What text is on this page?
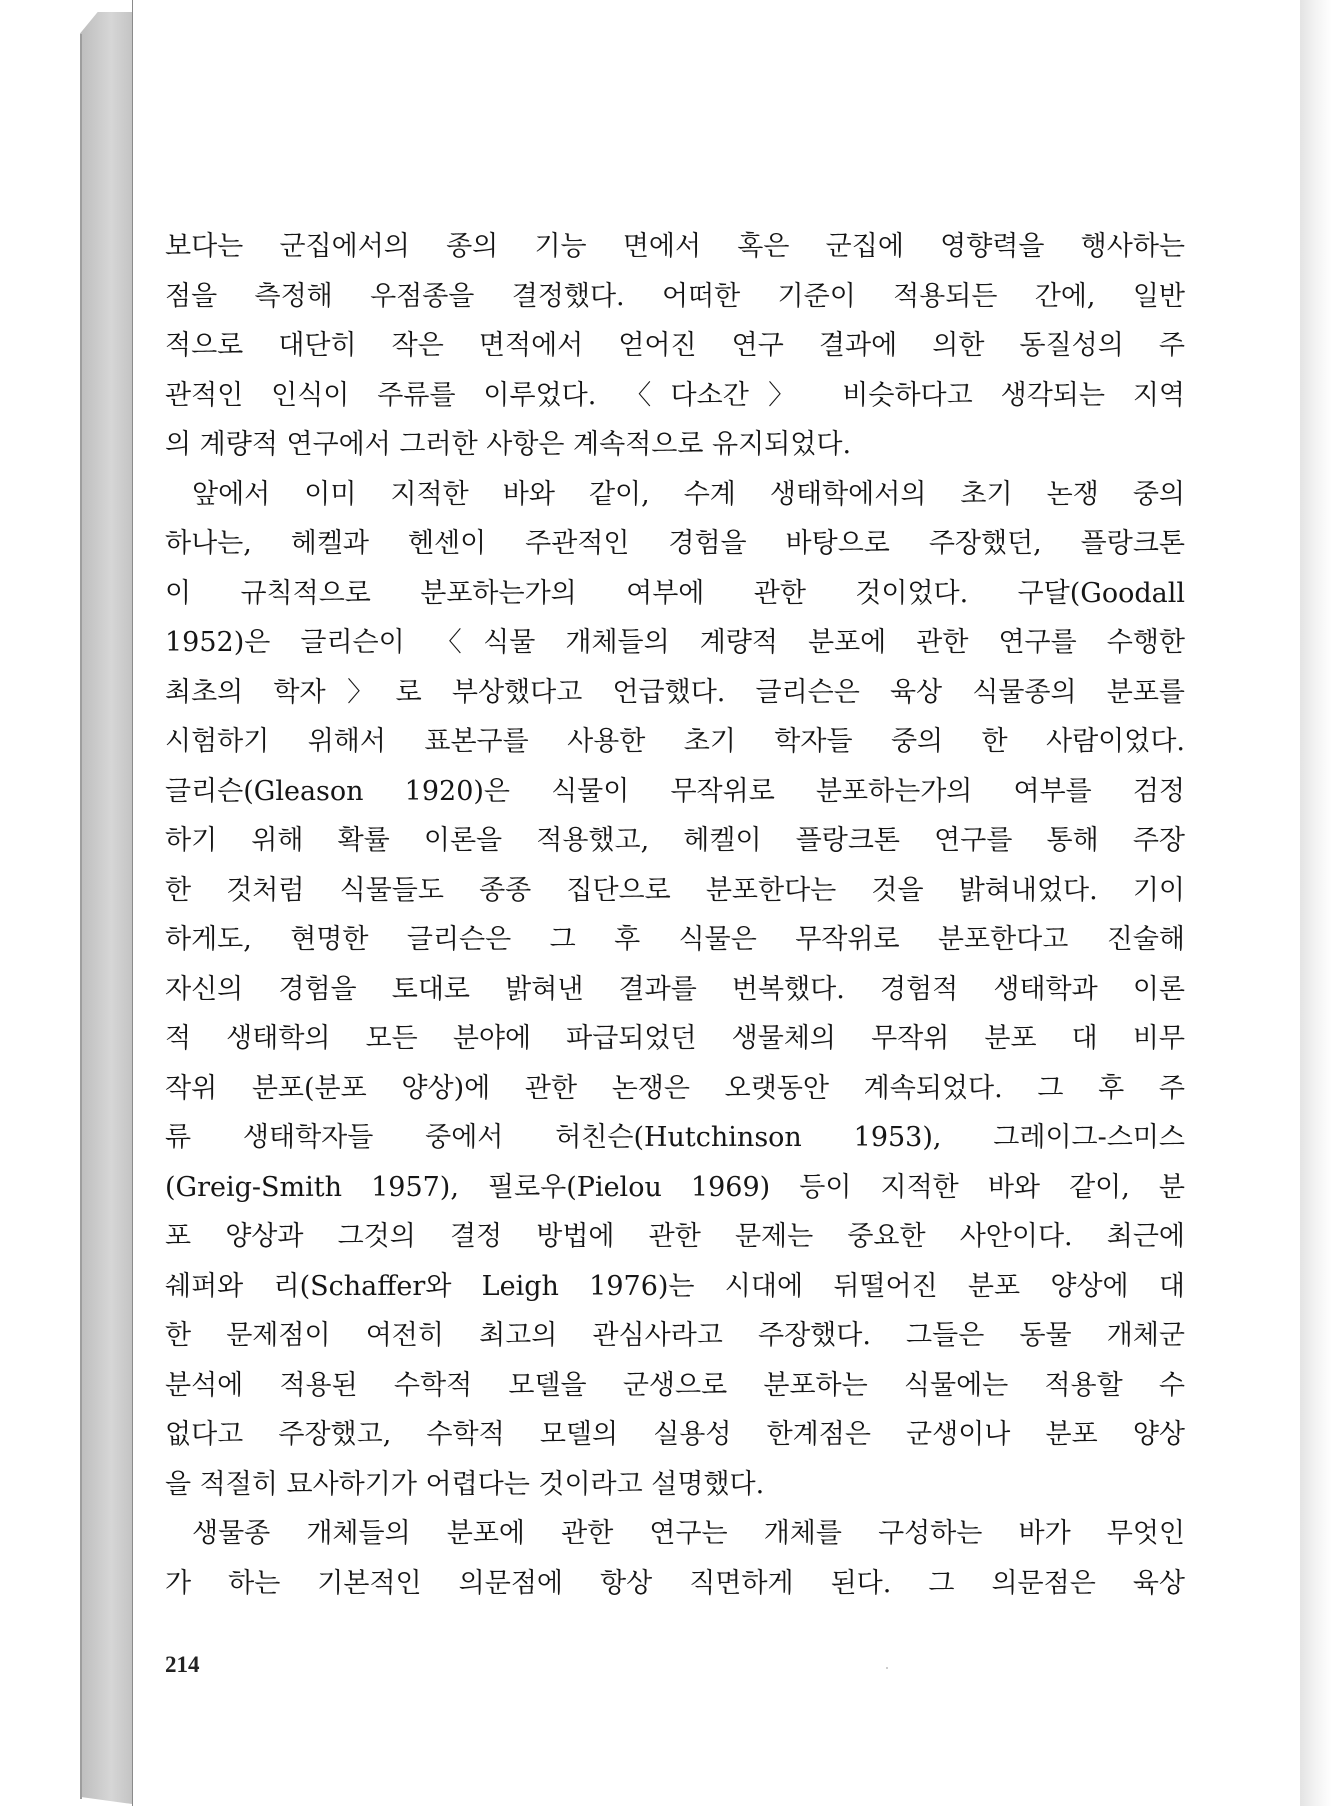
보다는 군집에서의 종의 기능 면에서 혹은 군집에 영향력을 행사하는
점을 측정해 우점종을 결정했다. 어떠한 기준이 적용되든 간에, 일반
적으로 대단히 작은 면적에서 얻어진 연구 결과에 의한 동질성의 주
관적인 인식이 주류를 이루었다. 〈다소간〉 비슷하다고 생각되는 지역
의 계량적 연구에서 그러한 사항은 계속적으로 유지되었다.
앞에서 이미 지적한 바와 같이, 수계 생태학에서의 초기 논쟁 중의
하나는, 헤켈과 헨센이 주관적인 경험을 바탕으로 주장했던, 플랑크톤
이 규칙적으로 분포하는가의 여부에 관한 것이었다. 구달(Goodall
1952)은 글리슨이 〈식물 개체들의 계량적 분포에 관한 연구를 수행한
최초의 학자〉로 부상했다고 언급했다. 글리슨은 육상 식물종의 분포를
시험하기 위해서 표본구를 사용한 초기 학자들 중의 한 사람이었다.
글리슨(Gleason 1920)은 식물이 무작위로 분포하는가의 여부를 검정
하기 위해 확률 이론을 적용했고, 헤켈이 플랑크톤 연구를 통해 주장
한 것처럼 식물들도 종종 집단으로 분포한다는 것을 밝혀내었다. 기이
하게도, 현명한 글리슨은 그 후 식물은 무작위로 분포한다고 진술해
자신의 경험을 토대로 밝혀낸 결과를 번복했다. 경험적 생태학과 이론
적 생태학의 모든 분야에 파급되었던 생물체의 무작위 분포 대 비무
작위 분포(분포 양상)에 관한 논쟁은 오랫동안 계속되었다. 그 후 주
류 생태학자들 중에서 허친슨(Hutchinson 1953), 그레이그-스미스
(Greig-Smith 1957), 필로우(Pielou 1969) 등이 지적한 바와 같이, 분
포 양상과 그것의 결정 방법에 관한 문제는 중요한 사안이다. 최근에
쉐퍼와 리(Schaffer와 Leigh 1976)는 시대에 뒤떨어진 분포 양상에 대
한 문제점이 여전히 최고의 관심사라고 주장했다. 그들은 동물 개체군
분석에 적용된 수학적 모델을 군생으로 분포하는 식물에는 적용할 수
없다고 주장했고, 수학적 모델의 실용성 한계점은 군생이나 분포 양상
을 적절히 묘사하기가 어렵다는 것이라고 설명했다.
생물종 개체들의 분포에 관한 연구는 개체를 구성하는 바가 무엇인
가 하는 기본적인 의문점에 항상 직면하게 된다. 그 의문점은 육상
214
